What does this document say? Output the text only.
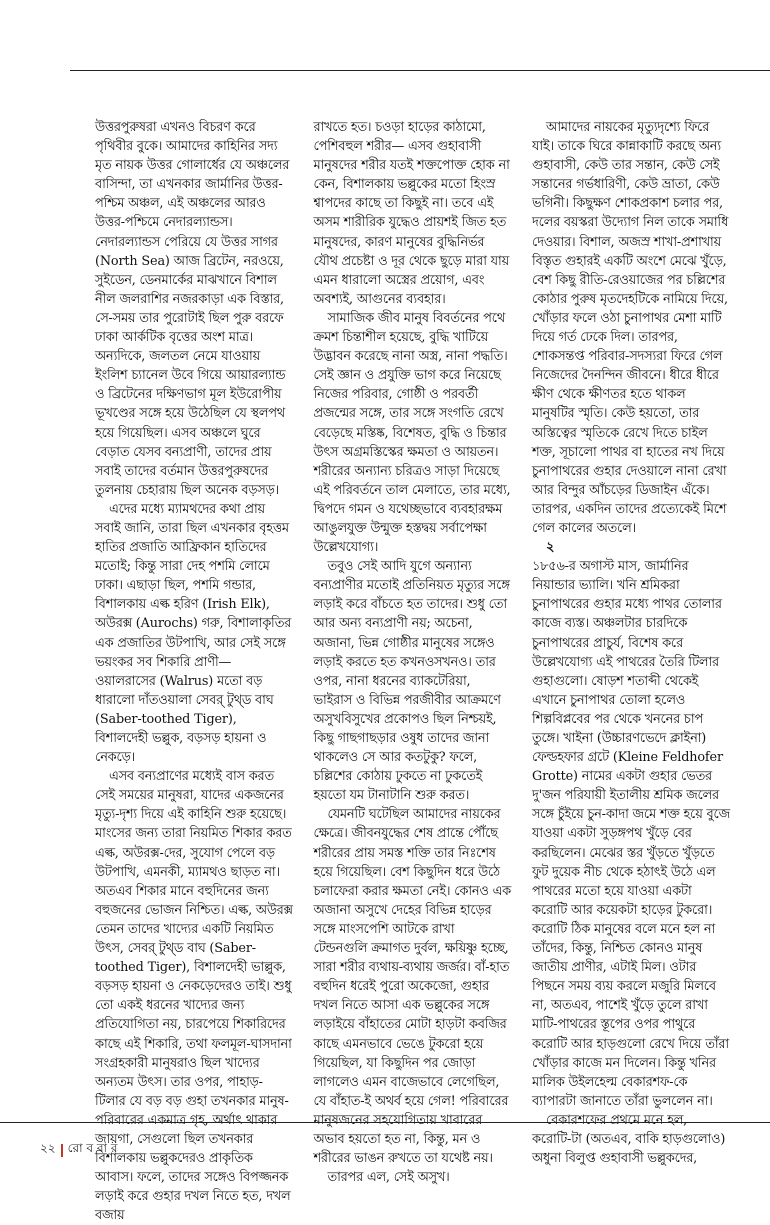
উত্তরপুরুষরা এখনও বিচরণ করে পৃথিবীর বুকে। আমাদের কাহিনির সদ্য মৃত নায়ক উত্তর গোলার্ধের যে অঞ্চলের বাসিন্দা, তা এখনকার জার্মানির উত্তর-পশ্চিম অঞ্চল, এই অঞ্চলের আরও উত্তর-পশ্চিমে নেদারল্যান্ডস। নেদারল্যান্ডস পেরিয়ে যে উত্তর সাগর (North Sea) আজ ব্রিটেন, নরওয়ে, সুইডেন, ডেনমার্কের মাঝখানে বিশাল নীল জলরাশির নজরকাড়া এক বিস্তার, সে-সময় তার পুরোটাই ছিল পুরু বরফে ঢাকা আর্কটিক বৃত্তের অংশ মাত্র। অন্যদিকে, জলতল নেমে যাওয়ায় ইংলিশ চ্যানেল উবে গিয়ে আয়ারল্যান্ড ও ব্রিটেনের দক্ষিণভাগ মূল ইউরোপীয় ভূখণ্ডের সঙ্গে হয়ে উঠেছিল যে স্থলপথ হয়ে গিয়েছিল। এসব অঞ্চলে ঘুরে বেড়াত যেসব বন্যপ্রাণী, তাদের প্রায় সবাই তাদের বর্তমান উত্তরপুরুষদের তুলনায় চেহারায় ছিল অনেক বড়সড়।

এদের মধ্যে ম্যামথদের কথা প্রায় সবাই জানি, তারা ছিল এখনকার বৃহত্তম হাতির প্রজাতি আফ্রিকান হাতিদের মতোই; কিন্তু সারা দেহ পশমি লোমে ঢাকা। এছাড়া ছিল, পশমি গন্ডার, বিশালকায় এল্ক হরিণ (Irish Elk), অউরক্স (Aurochs) গরু, বিশালাকৃতির এক প্রজাতির উটপাখি, আর সেই সঙ্গে ভয়ংকর সব শিকারি প্রাণী— ওয়ালরাসের (Walrus) মতো বড় ধারালো দাঁতওয়ালা সেবর্ টুথ্ড বাঘ (Saber-toothed Tiger), বিশালদেহী ভল্লুক, বড়সড় হায়না ও নেকড়ে।

এসব বন্যপ্রাণের মধ্যেই বাস করত সেই সময়ের মানুষরা, যাদের একজনের মৃত্যু-দৃশ্য দিয়ে এই কাহিনি শুরু হয়েছে। মাংসের জন্য তারা নিয়মিত শিকার করত এল্ক, অউরক্স-দের, সুযোগ পেলে বড় উটপাখি, এমনকী, ম্যামথও ছাড়ত না। অতএব শিকার মানে বহুদিনের জন্য বহুজনের ভোজন নিশ্চিত। এল্ক, অউরক্স তেমন তাদের খাদ্যের একটি নিয়মিত উৎস, সেবর্ টুথ্ড বাঘ (Saber-toothed Tiger), বিশালদেহী ভাল্লুক, বড়সড় হায়না ও নেকড়েদেরও তাই। শুধু তো একই ধরনের খাদ্যের জন্য প্রতিযোগিতা নয়, চারপেয়ে শিকারিদের কাছে এই শিকারি, তথা ফলমূল-ঘাসদানা সংগ্রহকারী মানুষরাও ছিল খাদ্যের অন্যতম উৎস। তার ওপর, পাহাড়-টিলার যে বড় বড় গুহা তখনকার মানুষ-পরিবারের একমাত্র গৃহ, অর্থাৎ থাকার জায়গা, সেগুলো ছিল তখনকার বিশালকায় ভল্লুকদেরও প্রাকৃতিক আবাস। ফলে, তাদের সঙ্গেও বিপজ্জনক লড়াই করে গুহার দখল নিতে হত, দখল বজায়

রাখতে হত। চওড়া হাড়ের কাঠামো, পেশিবহুল শরীর— এসব গুহাবাসী মানুষদের শরীর যতই শক্তপোক্ত হোক না কেন, বিশালকায় ভল্লুকের মতো হিংস্র শ্বাপদের কাছে তা কিছুই না। তবে এই অসম শারীরিক যুদ্ধেও প্রায়শই জিত হত মানুষদের, কারণ মানুষের বুদ্ধিনির্ভর যৌথ প্রচেষ্টা ও দূর থেকে ছুড়ে মারা যায় এমন ধারালো অস্ত্রের প্রয়োগ, এবং অবশ্যই, আগুনের ব্যবহার।

সামাজিক জীব মানুষ বিবর্তনের পথে ক্রমশ চিন্তাশীল হয়েছে, বুদ্ধি খাটিয়ে উদ্ভাবন করেছে নানা অস্ত্র, নানা পদ্ধতি। সেই জ্ঞান ও প্রযুক্তি ভাগ করে নিয়েছে নিজের পরিবার, গোষ্ঠী ও পরবর্তী প্রজন্মের সঙ্গে, তার সঙ্গে সংগতি রেখে বেড়েছে মস্তিষ্ক, বিশেষত, বুদ্ধি ও চিন্তার উৎস অগ্রমস্তিস্কের ক্ষমতা ও আয়তন। শরীরের অন্যান্য চরিত্রও সাড়া দিয়েছে এই পরিবর্তনে তাল মেলাতে, তার মধ্যে, দ্বিপদে গমন ও যথেচ্ছভাবে ব্যবহারক্ষম আঙুলযুক্ত উন্মুক্ত হস্তদ্বয় সর্বাপেক্ষা উল্লেখযোগ্য।

তবুও সেই আদি যুগে অন্যান্য বন্যপ্রাণীর মতোই প্রতিনিয়ত মৃত্যুর সঙ্গে লড়াই করে বাঁচতে হত তাদের। শুধু তো আর অন্য বন্যপ্রাণী নয়; অচেনা, অজানা, ভিন্ন গোষ্ঠীর মানুষের সঙ্গেও লড়াই করতে হত কখনওসখনও। তার ওপর, নানা ধরনের ব্যাকটেরিয়া, ভাইরাস ও বিভিন্ন পরজীবীর আক্রমণে অসুখবিসুখের প্রকোপও ছিল নিশ্চয়ই, কিছু গাছগাছড়ার ওষুধ তাদের জানা থাকলেও সে আর কতটুকু? ফলে, চল্লিশের কোঠায় ঢুকতে না ঢুকতেই হয়তো যম টানাটানি শুরু করত।

যেমনটি ঘটেছিল আমাদের নায়কের ক্ষেত্রে। জীবনযুদ্ধের শেষ প্রান্তে পৌঁছে শরীরের প্রায় সমস্ত শক্তি তার নিঃশেষ হয়ে গিয়েছিল। বেশ কিছুদিন ধরে উঠে চলাফেরা করার ক্ষমতা নেই। কোনও এক অজানা অসুখে দেহের বিভিন্ন হাড়ের সঙ্গে মাংসপেশি আটকে রাখা টেন্ডনগুলি ক্রমাগত দুর্বল, ক্ষয়িষ্ণু হচ্ছে, সারা শরীর ব্যথায়-ব্যথায় জর্জর। বাঁ-হাত বহুদিন ধরেই পুরো অকেজো, গুহার দখল নিতে আসা এক ভল্লুকের সঙ্গে লড়াইয়ে বাঁহাতের মোটা হাড়টা কবজির কাছে এমনভাবে ভেঙে টুকরো হয়ে গিয়েছিল, যা কিছুদিন পর জোড়া লাগলেও এমন বাজেভাবে লেগেছিল, যে বাঁহাত-ই অথর্ব হয়ে গেল! পরিবারের মানুষজনের সহযোগিতায় খাবারের অভাব হয়তো হত না, কিন্তু, মন ও শরীরের ভাঙন রুখতে তা যথেষ্ট নয়।

তারপর এল, সেই অসুখ।

আমাদের নায়কের মৃত্যুদৃশ্যে ফিরে যাই। তাকে ঘিরে কান্নাকাটি করছে অন্য গুহাবাসী, কেউ তার সন্তান, কেউ সেই সন্তানের গর্ভধারিণী, কেউ ভ্রাতা, কেউ ভগিনী। কিছুক্ষণ শোকপ্রকাশ চলার পর, দলের বয়স্করা উদ্যোগ নিল তাকে সমাধি দেওয়ার। বিশাল, অজস্র শাখা-প্রশাখায় বিস্তৃত গুহারই একটি অংশে মেঝে খুঁড়ে, বেশ কিছু রীতি-রেওয়াজের পর চল্লিশের কোঠার পুরুষ মৃতদেহটিকে নামিয়ে দিয়ে, খোঁড়ার ফলে ওঠা চুনাপাথর মেশা মাটি দিয়ে গর্ত ঢেকে দিল। তারপর, শোকসন্তপ্ত পরিবার-সদস্যরা ফিরে গেল নিজেদের দৈনন্দিন জীবনে। ধীরে ধীরে ক্ষীণ থেকে ক্ষীণতর হতে থাকল মানুষটির স্মৃতি। কেউ হয়তো, তার অস্তিত্বের স্মৃতিকে রেখে দিতে চাইল শক্ত, সূচালো পাথর বা হাতের নখ দিয়ে চুনাপাথরের গুহার দেওয়ালে নানা রেখা আর বিন্দুর আঁচড়ের ডিজাইন এঁকে। তারপর, একদিন তাদের প্রত্যেকেই মিশে গেল কালের অতলে।

২

১৮৫৬-র অগাস্ট মাস, জার্মানির নিয়ান্ডার ভ্যালি। খনি শ্রমিকরা চুনাপাথরের গুহার মধ্যে পাথর তোলার কাজে ব্যস্ত। অঞ্চলটার চারদিকে চুনাপাথরের প্রাচুর্য, বিশেষ করে উল্লেখযোগ্য এই পাথরের তৈরি টিলার গুহাগুলো। ষোড়শ শতাব্দী থেকেই এখানে চুনাপাথর তোলা হলেও শিল্পবিপ্লবের পর থেকে খননের চাপ তুঙ্গে। খাইনা (উচ্চারণভেদে ক্লাইনা) ফেল্ডহফার গ্রটে (Kleine Feldhofer Grotte) নামের একটা গুহার ভেতর দু'জন পরিযায়ী ইতালীয় শ্রমিক জলের সঙ্গে চুঁইয়ে চুন-কাদা জমে শক্ত হয়ে বুজে যাওয়া একটা সুড়ঙ্গপথ খুঁড়ে বের করছিলেন। মেঝের স্তর খুঁড়তে খুঁড়তে ফুট দুয়েক নীচ থেকে হঠাৎই উঠে এল পাথরের মতো হয়ে যাওয়া একটা করোটি আর কয়েকটা হাড়ের টুকরো। করোটি ঠিক মানুষের বলে মনে হল না তাঁদের, কিন্তু, নিশ্চিত কোনও মানুষ জাতীয় প্রাণীর, এটাই মিল। ওটার পিছনে সময় ব্যয় করলে মজুরি মিলবে না, অতএব, পাশেই খুঁড়ে তুলে রাখা মাটি-পাথরের স্তূপের ওপর পাথুরে করোটি আর হাড়গুলো রেখে দিয়ে তাঁরা খোঁড়ার কাজে মন দিলেন। কিন্তু খনির মালিক উইলহেল্ম বেকারশফ-কে ব্যাপারটা জানাতে তাঁরা ভুললেন না।

বেকারশফের প্রথমে মনে হল, করোটি-টা (অতএব, বাকি হাড়গুলোও) অধুনা বিলুপ্ত গুহাবাসী ভল্লুকদের,

২২ রো ব বা র
